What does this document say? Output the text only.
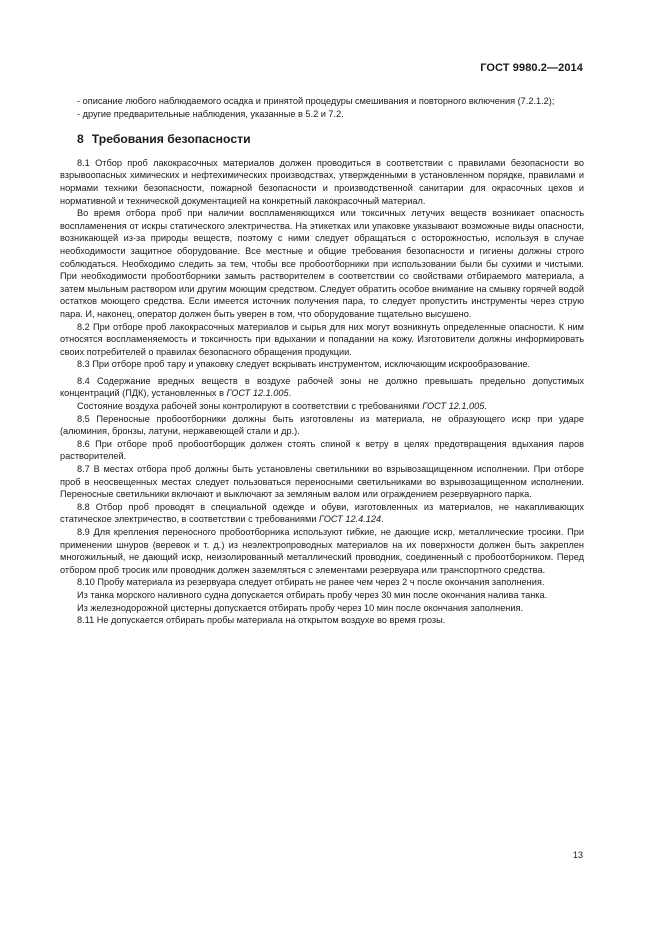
ГОСТ 9980.2—2014

- описание любого наблюдаемого осадка и принятой процедуры смешивания и повторного включения (7.2.1.2);

- другие предварительные наблюдения, указанные в 5.2 и 7.2.

8 Требования безопасности

8.1 Отбор проб лакокрасочных материалов должен проводиться в соответствии с правилами безопасности во взрывоопасных химических и нефтехимических производствах, утвержденными в установленном порядке, правилами и нормами техники безопасности, пожарной безопасности и производственной санитарии для окрасочных цехов и нормативной и технической документацией на конкретный лакокрасочный материал.

Во время отбора проб при наличии воспламеняющихся или токсичных летучих веществ возникает опасность воспламенения от искры статического электричества. На этикетках или упаковке указывают возможные виды опасности, возникающей из-за природы веществ, поэтому с ними следует обращаться с осторожностью, используя в случае необходимости защитное оборудование. Все местные и общие требования безопасности и гигиены должны строго соблюдаться. Необходимо следить за тем, чтобы все пробоотборники при использовании были бы сухими и чистыми. При необходимости пробоотборники замыть растворителем в соответствии со свойствами отбираемого материала, а затем мыльным раствором или другим моющим средством. Следует обратить особое внимание на смывку горячей водой остатков моющего средства. Если имеется источник получения пара, то следует пропустить инструменты через струю пара. И, наконец, оператор должен быть уверен в том, что оборудование тщательно высушено.

8.2 При отборе проб лакокрасочных материалов и сырья для них могут возникнуть определенные опасности. К ним относятся воспламеняемость и токсичность при вдыхании и попадании на кожу. Изготовители должны информировать своих потребителей о правилах безопасного обращения продукции.

8.3 При отборе проб тару и упаковку следует вскрывать инструментом, исключающим искрообразование.

8.4 Содержание вредных веществ в воздухе рабочей зоны не должно превышать предельно допустимых концентраций (ПДК), установленных в ГОСТ 12.1.005.

Состояние воздуха рабочей зоны контролируют в соответствии с требованиями ГОСТ 12.1.005.

8.5 Переносные пробоотборники должны быть изготовлены из материала, не образующего искр при ударе (алюминия, бронзы, латуни, нержавеющей стали и др.).

8.6 При отборе проб пробоотборщик должен стоять спиной к ветру в целях предотвращения вдыхания паров растворителей.

8.7 В местах отбора проб должны быть установлены светильники во взрывозащищенном исполнении. При отборе проб в неосвещенных местах следует пользоваться переносными светильниками во взрывозащищенном исполнении. Переносные светильники включают и выключают за земляным валом или ограждением резервуарного парка.

8.8 Отбор проб проводят в специальной одежде и обуви, изготовленных из материалов, не накапливающих статическое электричество, в соответствии с требованиями ГОСТ 12.4.124.

8.9 Для крепления переносного пробоотборника используют гибкие, не дающие искр, металлические тросики. При применении шнуров (веревок и т. д.) из неэлектропроводных материалов на их поверхности должен быть закреплен многожильный, не дающий искр, неизолированный металлический проводник, соединенный с пробоотборником. Перед отбором проб тросик или проводник должен заземляться с элементами резервуара или транспортного средства.

8.10 Пробу материала из резервуара следует отбирать не ранее чем через 2 ч после окончания заполнения.

Из танка морского наливного судна допускается отбирать пробу через 30 мин после окончания налива танка.

Из железнодорожной цистерны допускается отбирать пробу через 10 мин после окончания заполнения.

8.11 Не допускается отбирать пробы материала на открытом воздухе во время грозы.

13
